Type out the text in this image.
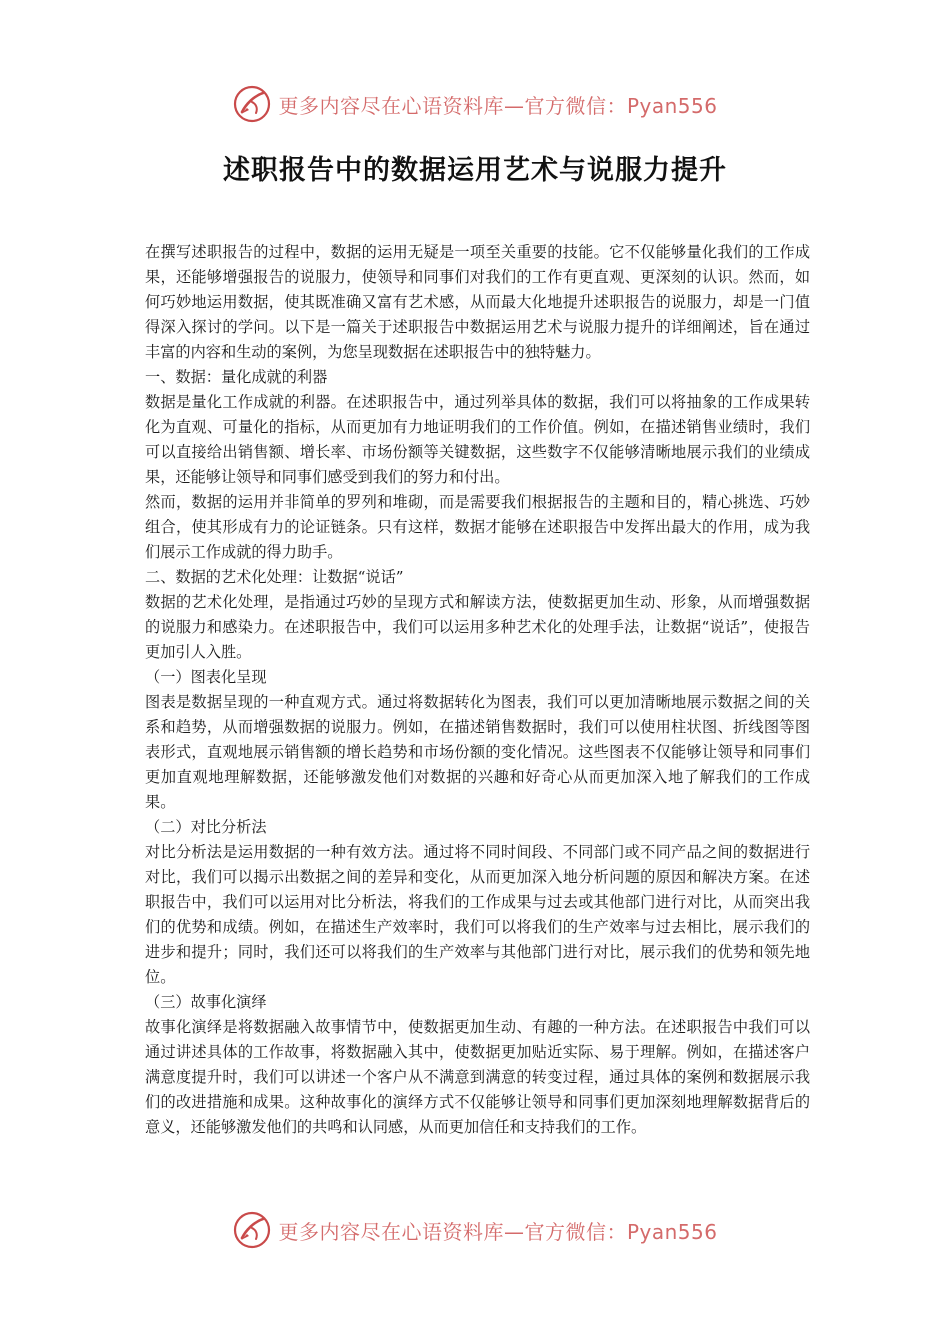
更多内容尽在心语资料库—官方微信：Pyan556
述职报告中的数据运用艺术与说服力提升

在撰写述职报告的过程中，数据的运用无疑是一项至关重要的技能。它不仅能够量化我们的工作成果，还能够增强报告的说服力，使领导和同事们对我们的工作有更直观、更深刻的认识。然而，如何巧妙地运用数据，使其既准确又富有艺术感，从而最大化地提升述职报告的说服力，却是一门值得深入探讨的学问。以下是一篇关于述职报告中数据运用艺术与说服力提升的详细阐述，旨在通过丰富的内容和生动的案例，为您呈现数据在述职报告中的独特魅力。

一、数据：量化成就的利器

数据是量化工作成就的利器。在述职报告中，通过列举具体的数据，我们可以将抽象的工作成果转化为直观、可量化的指标，从而更加有力地证明我们的工作价值。例如，在描述销售业绩时，我们可以直接给出销售额、增长率、市场份额等关键数据，这些数字不仅能够清晰地展示我们的业绩成果，还能够让领导和同事们感受到我们的努力和付出。

然而，数据的运用并非简单的罗列和堆砌，而是需要我们根据报告的主题和目的，精心挑选、巧妙组合，使其形成有力的论证链条。只有这样，数据才能够在述职报告中发挥出最大的作用，成为我们展示工作成就的得力助手。

二、数据的艺术化处理：让数据“说话”

数据的艺术化处理，是指通过巧妙的呈现方式和解读方法，使数据更加生动、形象，从而增强数据的说服力和感染力。在述职报告中，我们可以运用多种艺术化的处理手法，让数据“说话”，使报告更加引人入胜。

（一）图表化呈现

图表是数据呈现的一种直观方式。通过将数据转化为图表，我们可以更加清晰地展示数据之间的关系和趋势，从而增强数据的说服力。例如，在描述销售数据时，我们可以使用柱状图、折线图等图表形式，直观地展示销售额的增长趋势和市场份额的变化情况。这些图表不仅能够让领导和同事们更加直观地理解数据，还能够激发他们对数据的兴趣和好奇心从而更加深入地了解我们的工作成果。

（二）对比分析法

对比分析法是运用数据的一种有效方法。通过将不同时间段、不同部门或不同产品之间的数据进行对比，我们可以揭示出数据之间的差异和变化，从而更加深入地分析问题的原因和解决方案。在述职报告中，我们可以运用对比分析法，将我们的工作成果与过去或其他部门进行对比，从而突出我们的优势和成绩。例如，在描述生产效率时，我们可以将我们的生产效率与过去相比，展示我们的进步和提升；同时，我们还可以将我们的生产效率与其他部门进行对比，展示我们的优势和领先地位。

（三）故事化演绎

故事化演绎是将数据融入故事情节中，使数据更加生动、有趣的一种方法。在述职报告中我们可以通过讲述具体的工作故事，将数据融入其中，使数据更加贴近实际、易于理解。例如，在描述客户满意度提升时，我们可以讲述一个客户从不满意到满意的转变过程，通过具体的案例和数据展示我们的改进措施和成果。这种故事化的演绎方式不仅能够让领导和同事们更加深刻地理解数据背后的意义，还能够激发他们的共鸣和认同感，从而更加信任和支持我们的工作。

更多内容尽在心语资料库—官方微信：Pyan556
